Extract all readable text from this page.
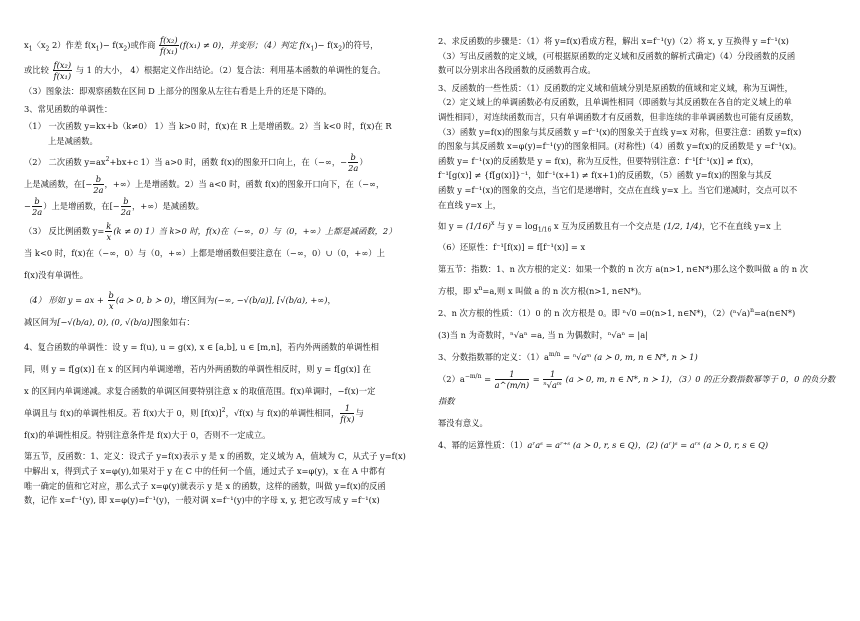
$x_1$〈$x_2$ 2）作差 $f(x_1)- f(x_2)$或作商 $\frac{\text{f(x₂)}}{\text{f(x₁)}} (f(x_1) \ne 0)$，并变形；（4）判定 $f(x_1)- f(x_2)$的符号，

或比较 $\frac{\text{f(x₂)}}{\text{f(x₁)}}$ 与 1 的大小， 4）根据定义作出结论。（2）复合法：利用基本函数的单调性的复合。

（3）图象法：即观察函数在区间 D 上部分的图象从左往右看是上升的还是下降的。

3、常见函数的单调性：

（1） 一次函数 y=kx+b（k≠0） 1）当 k>0 时，f(x)在 R 上是增函数。2）当 k<0 时，f(x)在 R
上是减函数。

（2） 二次函数 $y=ax^2+bx+c$ 1）当 a>0 时，函数 f(x)的图象开口向上，在（−∞，− $\frac{b}{2a}$ ）
上是减函数，在[− $\frac{b}{2a}$ ，+∞）上是增函数。2）当 a<0 时，函数 f(x)的图象开口向下，在（−∞，
− $\frac{b}{2a}$ ）上是增函数，在[− $\frac{b}{2a}$ ，+∞）是减函数。

（3） 反比例函数 $y= \frac{k}{x} (k \ne 0)$ 1）当 k>0 时，f(x)在（−∞，0）与（0，+∞）上都是减函数，2）
当 k<0 时，f(x)在（−∞，0）与（0，+∞）上都是增函数但要注意在（−∞，0）∪（0，+∞）上
f(x)没有单调性。

（4） 形如 y = ax + $\frac{b}{x} (a$ ≻ 0, b ≻ 0)，增区间为(−∞, −√(b/a)], [√(b/a), +∞)，
减区间为[−√(b/a), 0), (0, √(b/a)]图象如右：

4、复合函数的单调性：设 y = f(u), u = g(x), x ∈ [a,b], u ∈ [m,n]，若内外两函数的单调性相
同，则 y = f[g(x)] 在 x 的区间内单调递增，若内外两函数的单调性相反时，则 y = f[g(x)] 在
x 的区间内单调递减。求复合函数的单调区间要特别注意 x 的取值范围。f(x)单调时，−f(x)一定
单调且与 f(x)的单调性相反。若 f(x)大于 0，则 $[f(x)]^2$，√f(x) 与 f(x)的单调性相同， $\frac{1}{f(x)}$ 与
f(x)的单调性相反。特别注意条件是 f(x)大于 0，否则不一定成立。

第五节，反函数：1、定义：设式子 y=f(x)表示 y 是 x 的函数，定义域为 A，值域为 C，从式子 y=f(x)
中解出 x，得到式子 x=φ(y),如果对于 y 在 C 中的任何一个值，通过式子 x=φ(y)，x 在 A 中都有
唯一确定的值和它对应，那么式子 x=φ(y)就表示 y 是 x 的函数，这样的函数，叫做 y=f(x)的反函
数，记作 x=f⁻¹(y), 即 x=φ(y)=f⁻¹(y)，一般对调 x=f⁻¹(y)中的字母 x, y, 把它改写成 y =f⁻¹(x)

2、求反函数的步骤是：（1）将 y=f(x)看成方程，解出 x=f⁻¹(y)（2）将 x, y 互换得 y =f⁻¹(x)
（3）写出反函数的定义域，(可根据原函数的定义域和反函数的解析式确定)（4）分段函数的反函
数可以分别求出各段函数的反函数再合成。

3、反函数的一些性质：（1）反函数的定义域和值域分别是原函数的值域和定义域，称为互调性，
（2）定义域上的单调函数必有反函数，且单调性相同（即函数与其反函数在各自的定义域上的单
调性相同），对连续函数而言，只有单调函数才有反函数，但非连续的非单调函数也可能有反函数，
（3）函数 y=f(x)的图象与其反函数 y =f⁻¹(x)的图象关于直线 y=x 对称，但要注意：函数 y=f(x)
的图象与其反函数 x=φ(y)=f⁻¹(y)的图象相同。(对称性)（4）函数 y=f(x)的反函数是 y =f⁻¹(x)。
函数 y= f⁻¹(x)的反函数是 y = f(x)，称为互反性，但要特别注意：f⁻¹[f⁻¹(x)] ≠ f(x)，
f⁻¹[g(x)] ≠ {f[g(x)]}⁻¹，如f⁻¹(x+1) ≠ f(x+1)的反函数，（5）函数 y=f(x)的图象与其反
函数 y =f⁻¹(x)的图象的交点，当它们是递增时，交点在直线 y=x 上。当它们递减时，交点可以不
在直线 y=x 上，

如 $y = (1/16)^x$ 与 $y = \log_{1/16} x$ 互为反函数且有一个交点是 (1/2, 1/4)，它不在直线 y=x 上

（6）还原性：f⁻¹[f(x)] = f[f⁻¹(x)] = x

第五节：指数：1、n 次方根的定义：如果一个数的 n 次方 a(n>1, n∈N*)那么这个数叫做 a 的 n 次
方根，即 $x^n=a$,则 x 叫做 a 的 n 次方根(n>1, n∈N*)。
2、n 次方根的性质：（1）0 的 n 次方根是 0。即 ⁿ√0 =0(n>1, n∈N*)，$(2)(^n√a)^n=a(n\in N*)$
(3)当 n 为奇数时，ⁿ√aⁿ =a, 当 n 为偶数时，ⁿ√aⁿ = |a|
3、分数指数幂的定义：$(1)a^{m/n}$ = ⁿ√aᵐ (a ≻ 0, m, n ∈ N*, n ≻ 1)
$(2)a^{-m/n} = \frac{1}{a\^{}(m/n)} = \frac{1}{\text{ⁿ√aᵐ}} (a$ ≻ 0, m, n ∈ N*, n ≻ 1)，（3）0 的正分数指数幂等于 0，0 的负分数指数
幂没有意义。
4、幂的运算性质：（1）aʳaˢ = aʳ⁺ˢ (a ≻ 0, r, s ∈ Q)，(2) (aʳ)ˢ = aʳˢ (a ≻ 0, r, s ∈ Q)
